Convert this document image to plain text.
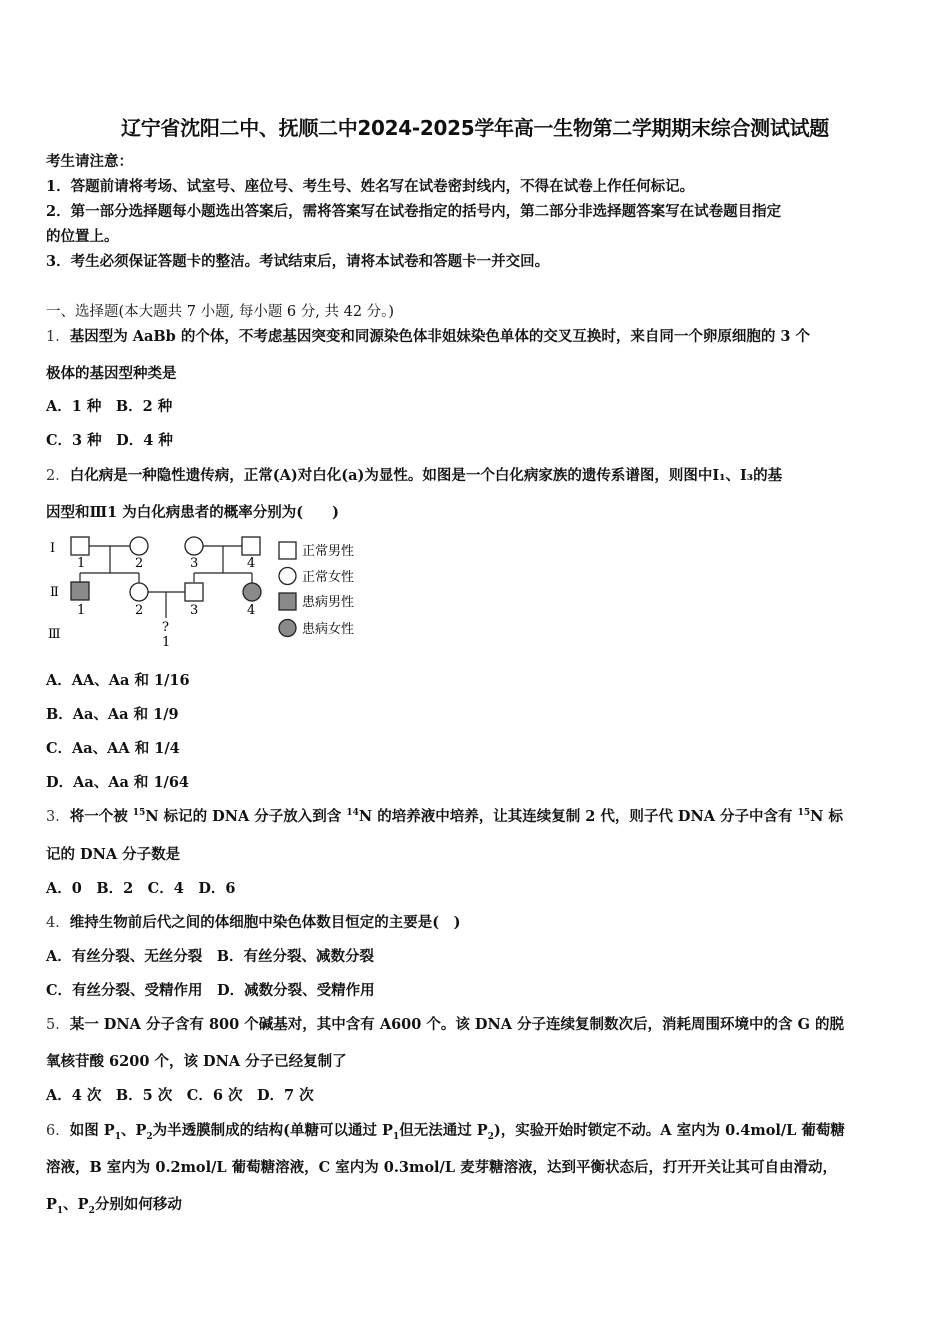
辽宁省沈阳二中、抚顺二中2024-2025学年高一生物第二学期期末综合测试试题
考生请注意：
1．答题前请将考场、试室号、座位号、考生号、姓名写在试卷密封线内，不得在试卷上作任何标记。
2．第一部分选择题每小题选出答案后，需将答案写在试卷指定的括号内，第二部分非选择题答案写在试卷题目指定
的位置上。
3．考生必须保证答题卡的整洁。考试结束后，请将本试卷和答题卡一并交回。
一、选择题(本大题共 7 小题, 每小题 6 分, 共 42 分。)
1．基因型为 AaBb 的个体，不考虑基因突变和同源染色体非姐妹染色单体的交叉互换时，来自同一个卵原细胞的 3 个
极体的基因型种类是
A．1 种　B．2 种
C．3 种　D．4 种
2．白化病是一种隐性遗传病，正常(A)对白化(a)为显性。如图是一个白化病家族的遗传系谱图，则图中Ⅰ₁、Ⅰ₃的基
因型和Ⅲ1 为白化病患者的概率分别为(　　)
Ⅰ
Ⅱ
Ⅲ
1	2	3	4
1	2	3	4
?
1
正常男性
正常女性
患病男性
患病女性
A．AA、Aa 和 1/16
B．Aa、Aa 和 1/9
C．Aa、AA 和 1/4
D．Aa、Aa 和 1/64
3．将一个被 $^{15}$N 标记的 DNA 分子放入到含 $^{14}$N 的培养液中培养，让其连续复制 2 代，则子代 DNA 分子中含有 $^{15}$N 标
记的 DNA 分子数是
A．0　B．2　C．4　D．6
4．维持生物前后代之间的体细胞中染色体数目恒定的主要是(　)
A．有丝分裂、无丝分裂　B．有丝分裂、减数分裂
C．有丝分裂、受精作用　D．减数分裂、受精作用
5．某一 DNA 分子含有 800 个碱基对，其中含有 A600 个。该 DNA 分子连续复制数次后，消耗周围环境中的含 G 的脱
氧核苷酸 6200 个，该 DNA 分子已经复制了
A．4 次　B．5 次　C．6 次　D．7 次
6．如图 $P_1$、$P_2$为半透膜制成的结构(单糖可以通过 $P_1$但无法通过 $P_2$)，实验开始时锁定不动。A 室内为 0.4mol/L 葡萄糖
溶液，B 室内为 0.2mol/L 葡萄糖溶液，C 室内为 0.3mol/L 麦芽糖溶液，达到平衡状态后，打开开关让其可自由滑动，
$P_1$、$P_2$分别如何移动
